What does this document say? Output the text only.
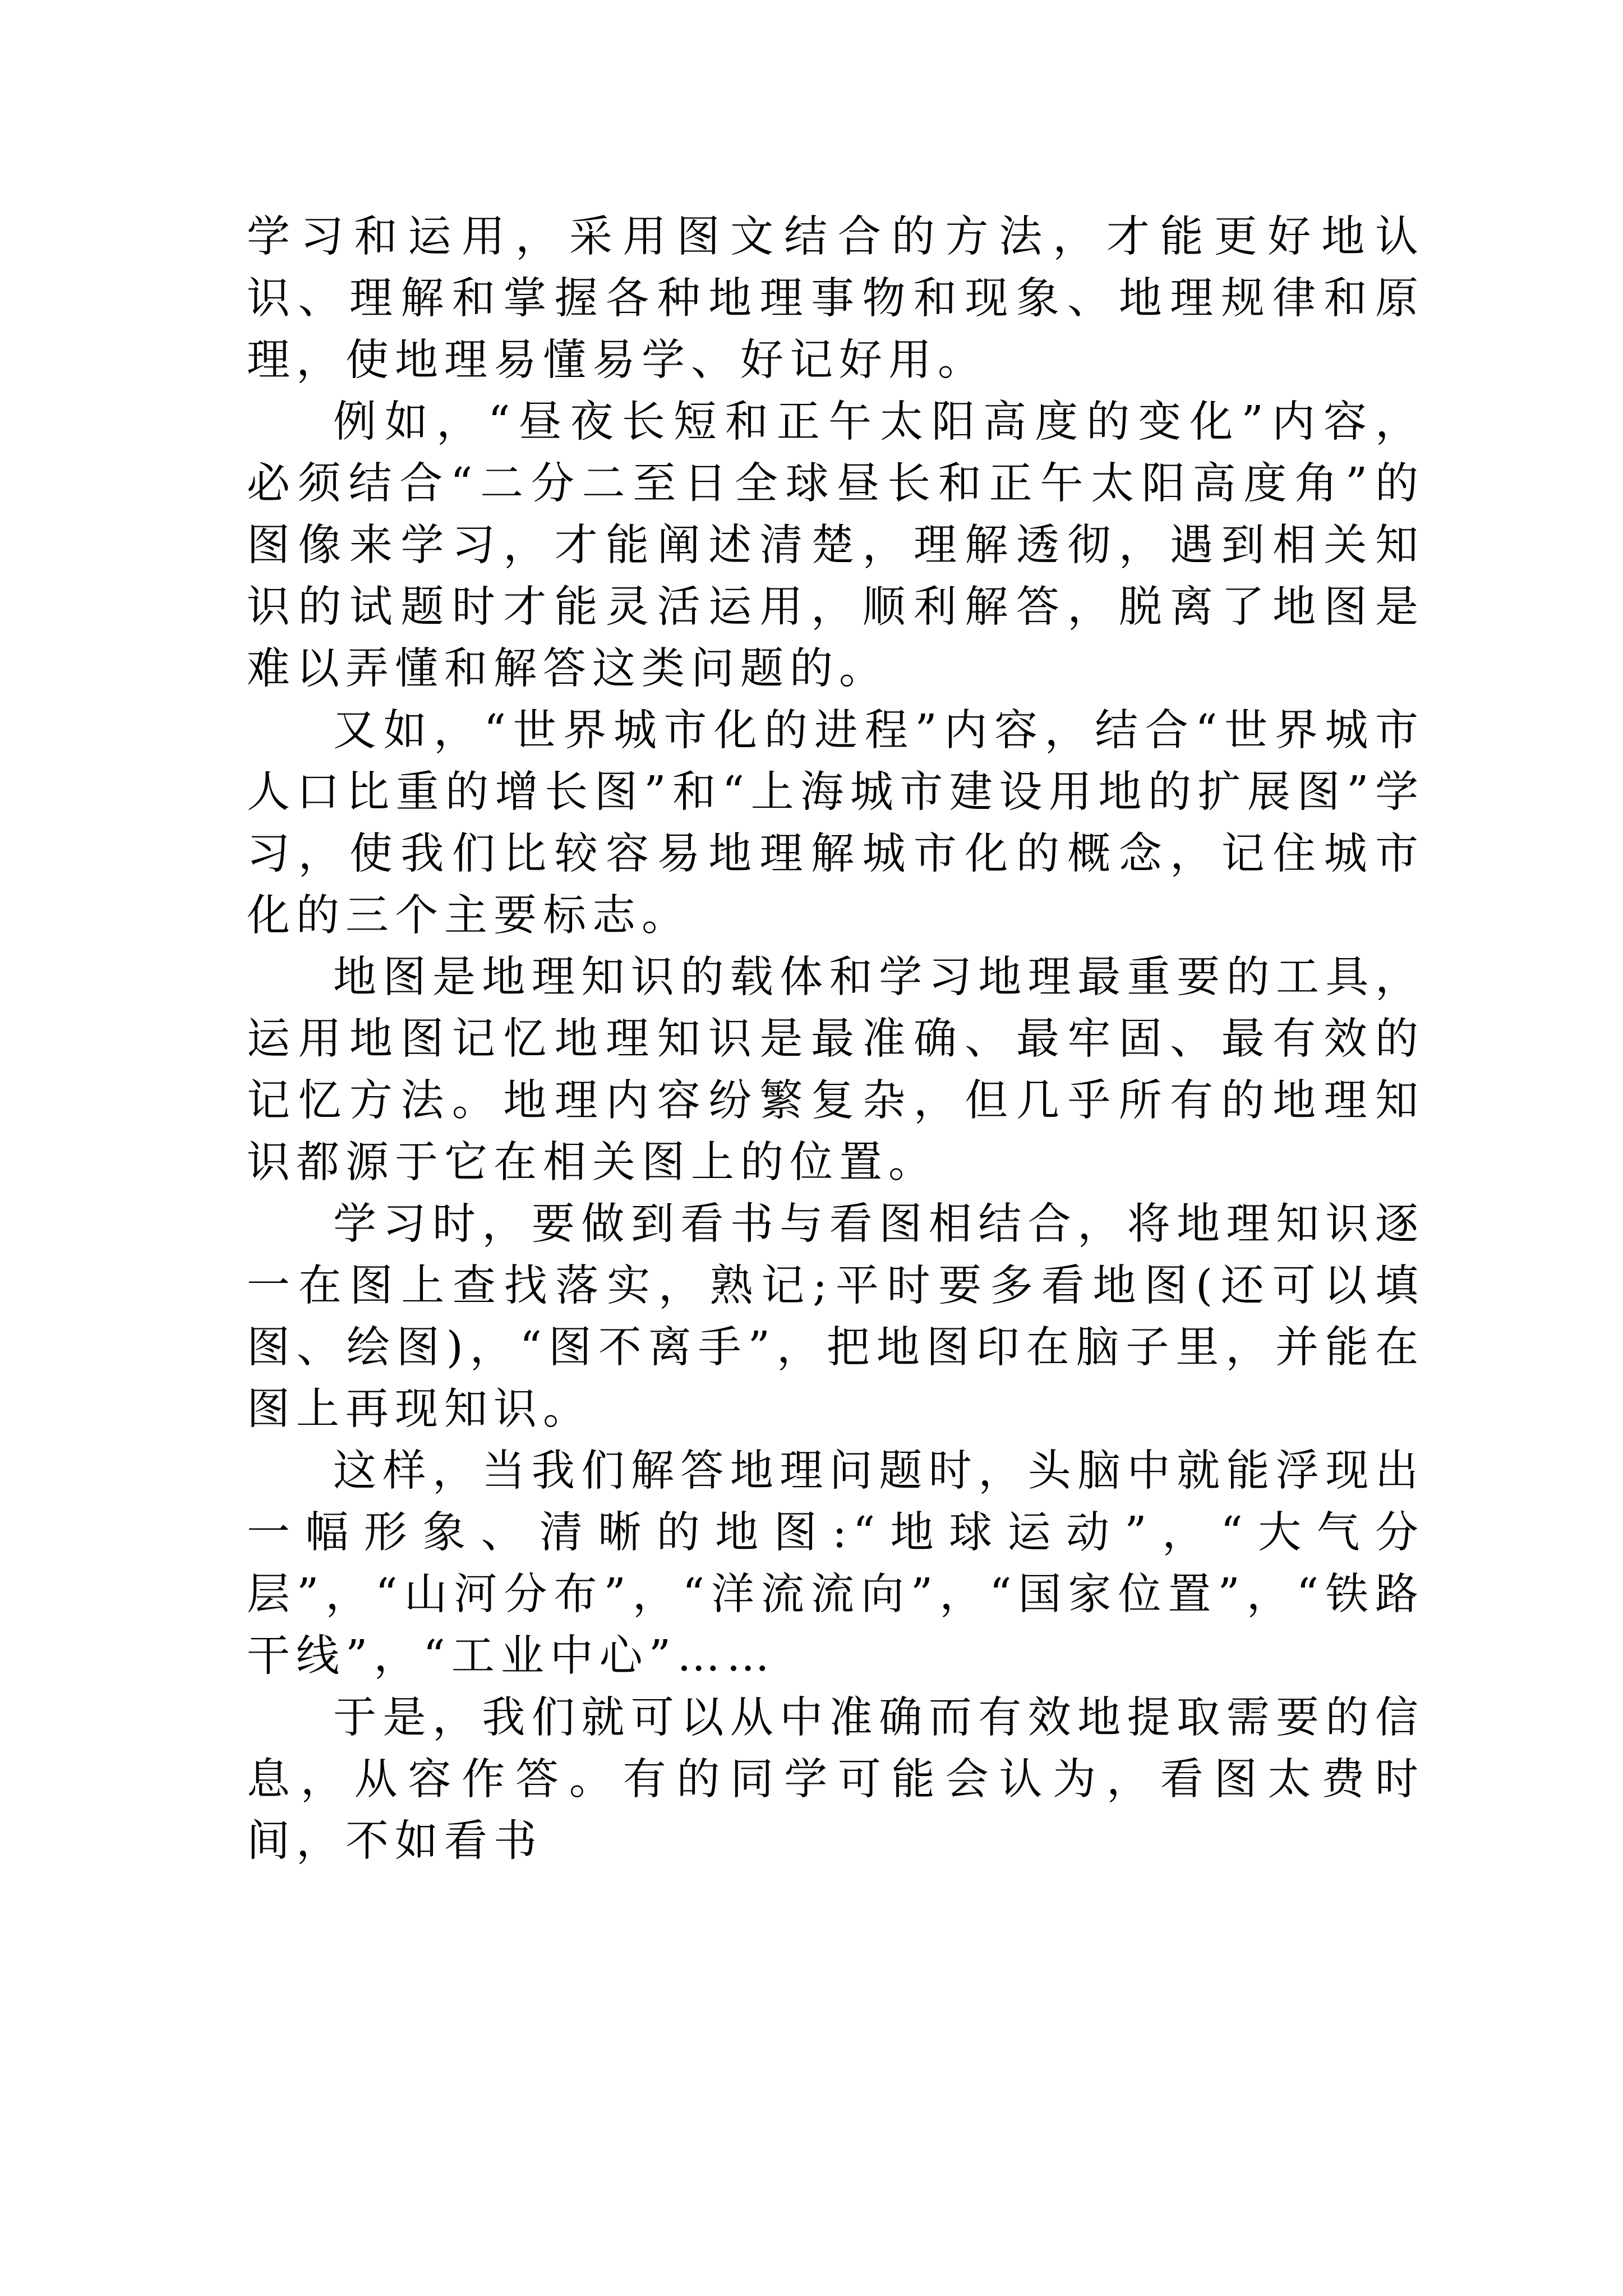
学习和运用，采用图文结合的方法，才能更好地认识、理解和掌握各种地理事物和现象、地理规律和原理，使地理易懂易学、好记好用。

例如，“昼夜长短和正午太阳高度的变化”内容，必须结合“二分二至日全球昼长和正午太阳高度角”的图像来学习，才能阐述清楚，理解透彻，遇到相关知识的试题时才能灵活运用，顺利解答，脱离了地图是难以弄懂和解答这类问题的。

又如，“世界城市化的进程”内容，结合“世界城市人口比重的增长图”和“上海城市建设用地的扩展图”学习，使我们比较容易地理解城市化的概念，记住城市化的三个主要标志。

地图是地理知识的载体和学习地理最重要的工具，运用地图记忆地理知识是最准确、最牢固、最有效的记忆方法。地理内容纷繁复杂，但几乎所有的地理知识都源于它在相关图上的位置。

学习时，要做到看书与看图相结合，将地理知识逐一在图上查找落实，熟记;平时要多看地图(还可以填图、绘图)，“图不离手”，把地图印在脑子里，并能在图上再现知识。

这样，当我们解答地理问题时，头脑中就能浮现出一幅形象、清晰的地图:“地球运动”，“大气分层”，“山河分布”，“洋流流向”，“国家位置”，“铁路干线”，“工业中心”……

于是，我们就可以从中准确而有效地提取需要的信息，从容作答。有的同学可能会认为，看图太费时间，不如看书
